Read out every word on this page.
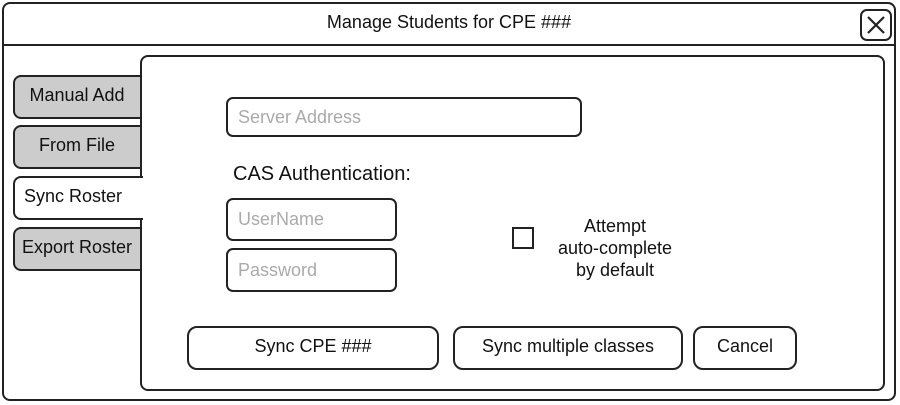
Manage Students for CPE ###
Manual Add
From File
Sync Roster
Export Roster
Server Address
CAS Authentication:
UserName
Password
Attempt
auto-complete
by default
Sync CPE ###	Sync multiple classes	Cancel
